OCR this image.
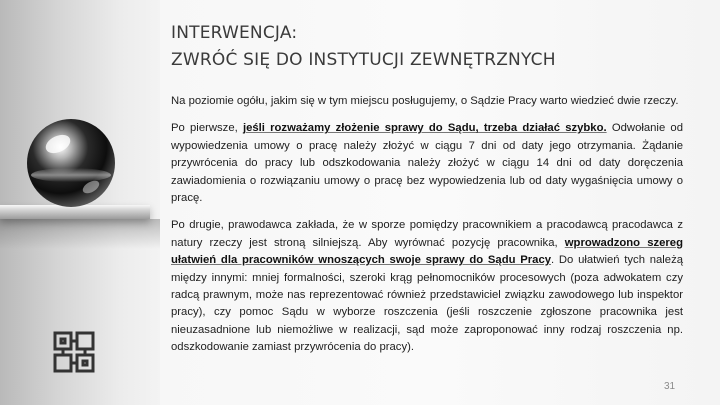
INTERWENCJA:
ZWRÓĆ SIĘ DO INSTYTUCJI ZEWNĘTRZNYCH

Na poziomie ogółu, jakim się w tym miejscu posługujemy, o Sądzie Pracy warto wiedzieć dwie rzeczy.

Po pierwsze, jeśli rozważamy złożenie sprawy do Sądu, trzeba działać szybko. Odwołanie od wypowiedzenia umowy o pracę należy złożyć w ciągu 7 dni od daty jego otrzymania. Żądanie przywrócenia do pracy lub odszkodowania należy złożyć w ciągu 14 dni od daty doręczenia zawiadomienia o rozwiązaniu umowy o pracę bez wypowiedzenia lub od daty wygaśnięcia umowy o pracę.

Po drugie, prawodawca zakłada, że w sporze pomiędzy pracownikiem a pracodawcą pracodawca z natury rzeczy jest stroną silniejszą. Aby wyrównać pozycję pracownika, wprowadzono szereg ułatwień dla pracowników wnoszących swoje sprawy do Sądu Pracy. Do ułatwień tych należą między innymi: mniej formalności, szeroki krąg pełnomocników procesowych (poza adwokatem czy radcą prawnym, może nas reprezentować również przedstawiciel związku zawodowego lub inspektor pracy), czy pomoc Sądu w wyborze roszczenia (jeśli roszczenie zgłoszone pracownika jest nieuzasadnione lub niemożliwe w realizacji, sąd może zaproponować inny rodzaj roszczenia np. odszkodowanie zamiast przywrócenia do pracy).

31
